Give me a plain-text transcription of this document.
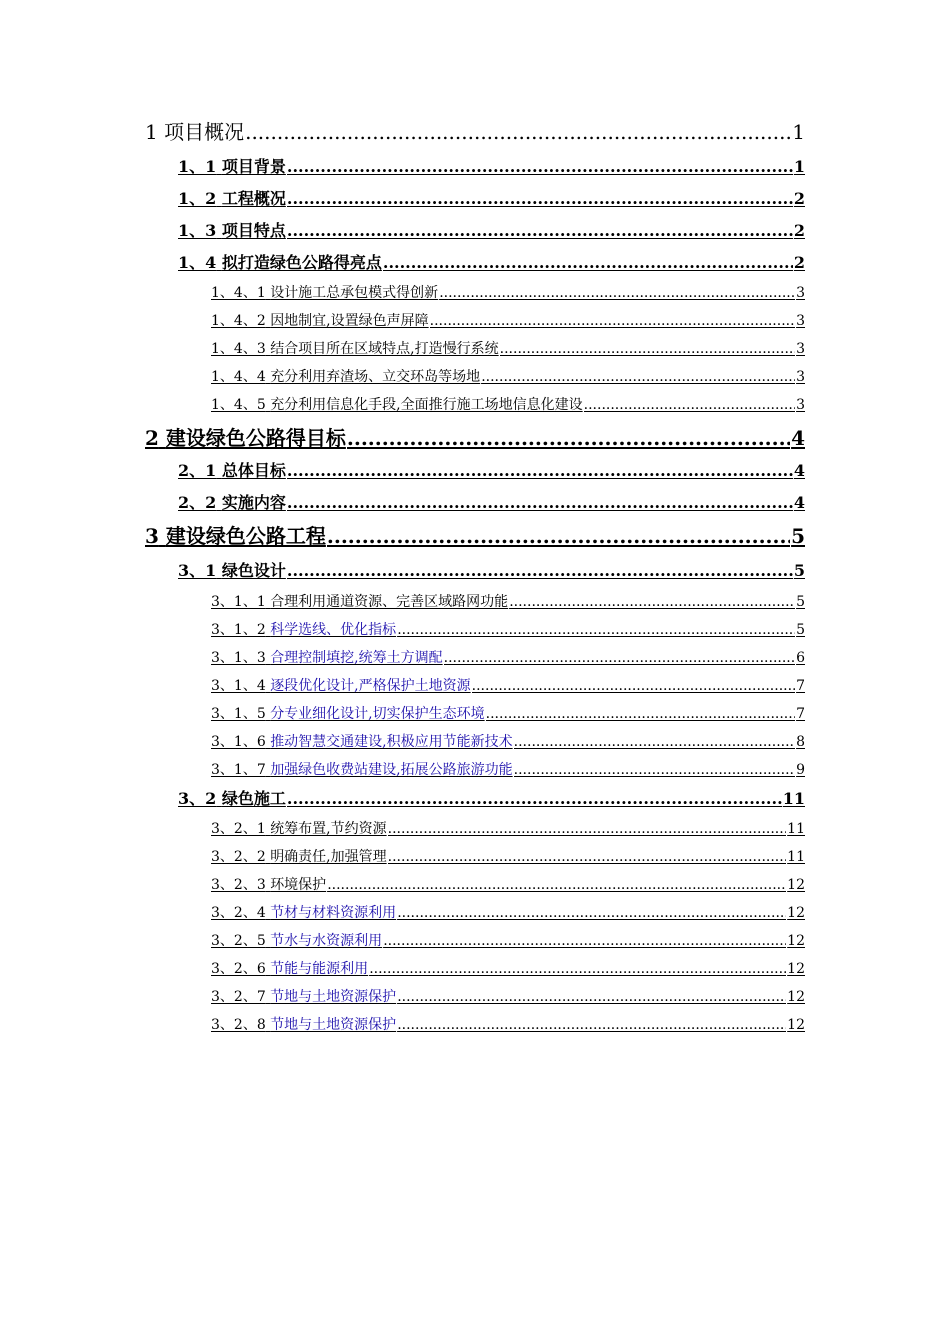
1 项目概况 .....	1
1、1 项目背景 .....	1
1、2 工程概况 .....	2
1、3 项目特点 .....	2
1、4 拟打造绿色公路得亮点 .....	2
1、4、1 设计施工总承包模式得创新 .....	3
1、4、2 因地制宜,设置绿色声屏障 .....	3
1、4、3 结合项目所在区域特点,打造慢行系统 .....	3
1、4、4 充分利用弃渣场、立交环岛等场地 .....	3
1、4、5 充分利用信息化手段,全面推行施工场地信息化建设 .....	3
2 建设绿色公路得目标 .....	4
2、1 总体目标 .....	4
2、2 实施内容 .....	4
3 建设绿色公路工程 .....	5
3、1 绿色设计 .....	5
3、1、1 合理利用通道资源、完善区域路网功能 .....	5
3、1、2 科学选线、优化指标 .....	5
3、1、3 合理控制填挖,统筹土方调配 .....	6
3、1、4 逐段优化设计,严格保护土地资源 .....	7
3、1、5 分专业细化设计,切实保护生态环境 .....	7
3、1、6 推动智慧交通建设,积极应用节能新技术 .....	8
3、1、7 加强绿色收费站建设,拓展公路旅游功能 .....	9
3、2 绿色施工 .....	11
3、2、1 统筹布置,节约资源 .....	11
3、2、2 明确责任,加强管理 .....	11
3、2、3 环境保护 .....	12
3、2、4 节材与材料资源利用 .....	12
3、2、5 节水与水资源利用 .....	12
3、2、6 节能与能源利用 .....	12
3、2、7 节地与土地资源保护 .....	12
3、2、8 节地与土地资源保护 .....	12
